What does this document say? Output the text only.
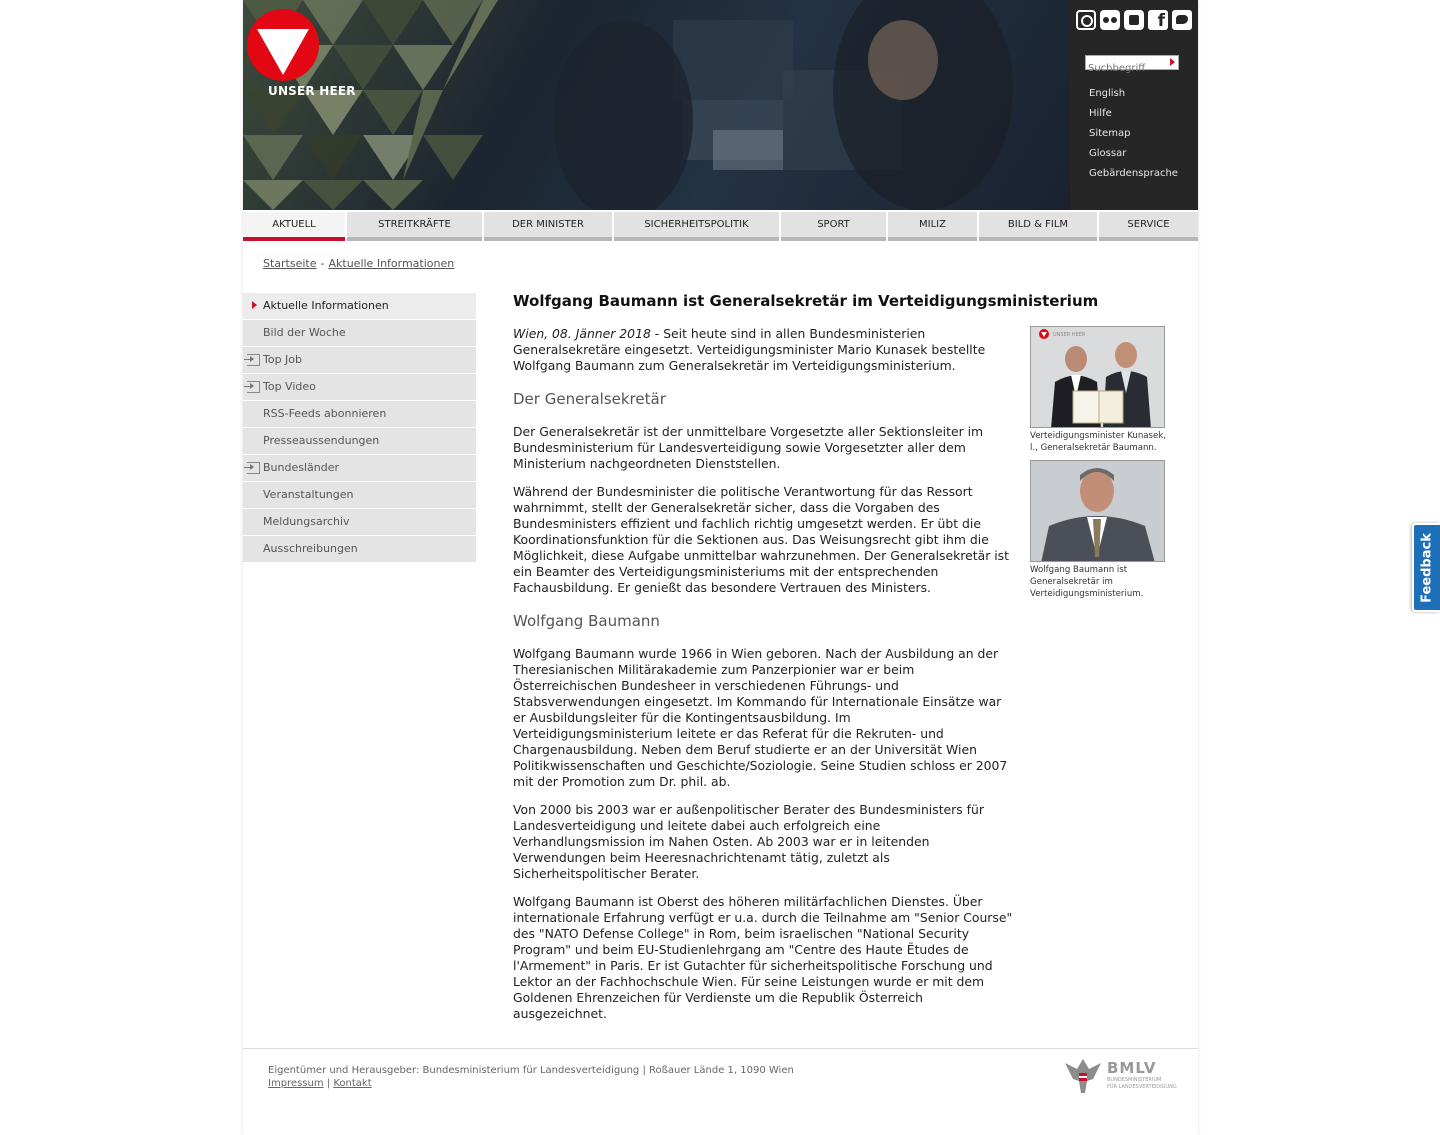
UNSER HEER
f
Suchbegriff
English
Hilfe
Sitemap
Glossar
Gebärdensprache
AKTUELL	STREITKRÄFTE	DER MINISTER	SICHERHEITSPOLITIK	SPORT	MILIZ	BILD & FILM	SERVICE
Startseite - Aktuelle Informationen
Aktuelle Informationen
Bild der Woche
Top Job
Top Video
RSS-Feeds abonnieren
Presseaussendungen
Bundesländer
Veranstaltungen
Meldungsarchiv
Ausschreibungen
Wolfgang Baumann ist Generalsekretär im Verteidigungsministerium

Wien, 08. Jänner 2018 - Seit heute sind in allen Bundesministerien Generalsekretäre eingesetzt. Verteidigungsminister Mario Kunasek bestellte Wolfgang Baumann zum Generalsekretär im Verteidigungsministerium.

Der Generalsekretär

Der Generalsekretär ist der unmittelbare Vorgesetzte aller Sektionsleiter im Bundesministerium für Landesverteidigung sowie Vorgesetzter aller dem Ministerium nachgeordneten Dienststellen.

Während der Bundesminister die politische Verantwortung für das Ressort wahrnimmt, stellt der Generalsekretär sicher, dass die Vorgaben des Bundesministers effizient und fachlich richtig umgesetzt werden. Er übt die Koordinationsfunktion für die Sektionen aus. Das Weisungsrecht gibt ihm die Möglichkeit, diese Aufgabe unmittelbar wahrzunehmen. Der Generalsekretär ist ein Beamter des Verteidigungsministeriums mit der entsprechenden Fachausbildung. Er genießt das besondere Vertrauen des Ministers.

Wolfgang Baumann

Wolfgang Baumann wurde 1966 in Wien geboren. Nach der Ausbildung an der Theresianischen Militärakademie zum Panzerpionier war er beim Österreichischen Bundesheer in verschiedenen Führungs- und Stabsverwendungen eingesetzt. Im Kommando für Internationale Einsätze war er Ausbildungsleiter für die Kontingentsausbildung. Im Verteidigungsministerium leitete er das Referat für die Rekruten- und Chargenausbildung. Neben dem Beruf studierte er an der Universität Wien Politikwissenschaften und Geschichte/Soziologie. Seine Studien schloss er 2007 mit der Promotion zum Dr. phil. ab.

Von 2000 bis 2003 war er außenpolitischer Berater des Bundesministers für Landesverteidigung und leitete dabei auch erfolgreich eine Verhandlungsmission im Nahen Osten. Ab 2003 war er in leitenden Verwendungen beim Heeresnachrichtenamt tätig, zuletzt als Sicherheitspolitischer Berater.

Wolfgang Baumann ist Oberst des höheren militärfachlichen Dienstes. Über internationale Erfahrung verfügt er u.a. durch die Teilnahme am "Senior Course" des "NATO Defense College" in Rom, beim israelischen "National Security Program" und beim EU-Studienlehrgang am "Centre des Haute Ẽtudes de l'Armement" in Paris. Er ist Gutachter für sicherheitspolitische Forschung und Lektor an der Fachhochschule Wien. Für seine Leistungen wurde er mit dem Goldenen Ehrenzeichen für Verdienste um die Republik Österreich ausgezeichnet.

UNSER HEER
Verteidigungsminister Kunasek, l., Generalsekretär Baumann.
Wolfgang Baumann ist Generalsekretär im Verteidigungsministerium.
Eigentümer und Herausgeber: Bundesministerium für Landesverteidigung | Roßauer Lände 1, 1090 Wien
Impressum | Kontakt
BMLV
BUNDESMINISTERIUM
FÜR LANDESVERTEIDIGUNG
Feedback
